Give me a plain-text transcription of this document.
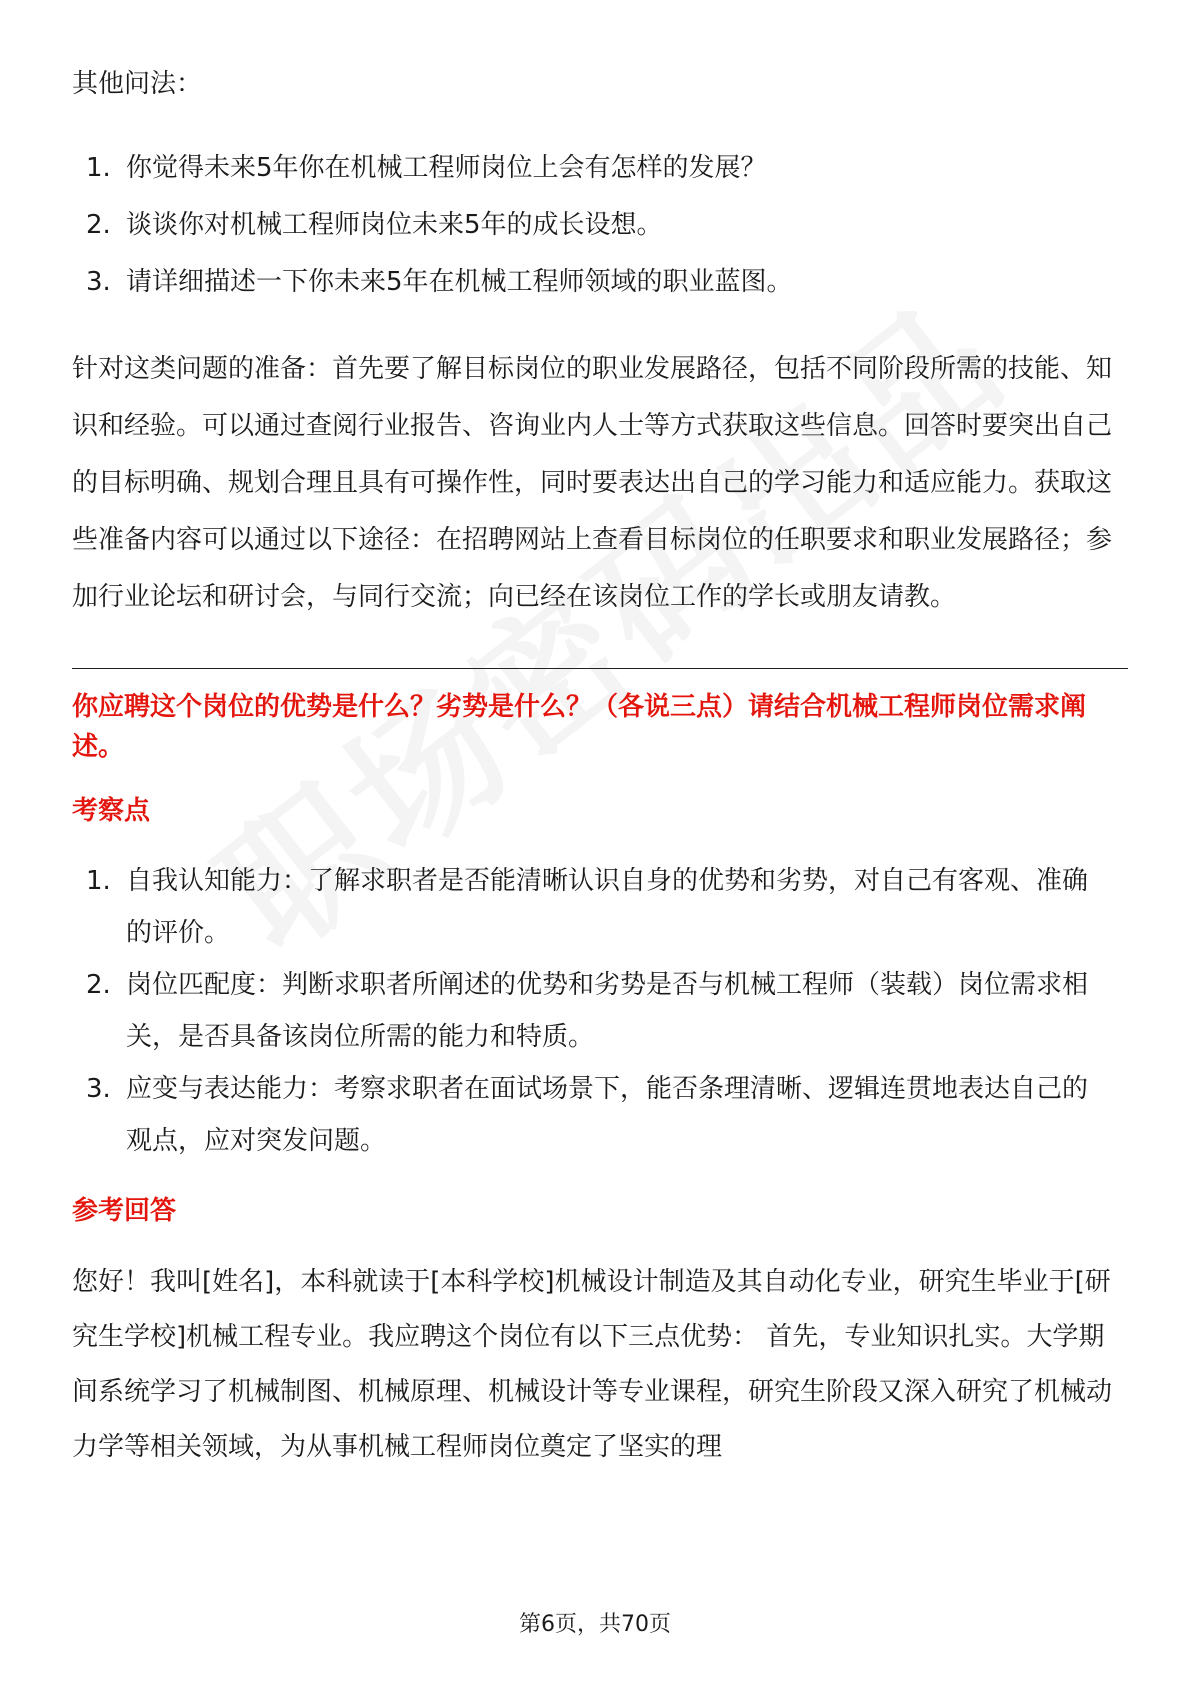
其他问法：

1. 你觉得未来5年你在机械工程师岗位上会有怎样的发展？
2. 谈谈你对机械工程师岗位未来5年的成长设想。
3. 请详细描述一下你未来5年在机械工程师领域的职业蓝图。

针对这类问题的准备：首先要了解目标岗位的职业发展路径，包括不同阶段所需的技能、知识和经验。可以通过查阅行业报告、咨询业内人士等方式获取这些信息。回答时要突出自己的目标明确、规划合理且具有可操作性，同时要表达出自己的学习能力和适应能力。获取这些准备内容可以通过以下途径：在招聘网站上查看目标岗位的任职要求和职业发展路径；参加行业论坛和研讨会，与同行交流；向已经在该岗位工作的学长或朋友请教。

你应聘这个岗位的优势是什么？劣势是什么？（各说三点）请结合机械工程师岗位需求阐述。

考察点

1. 自我认知能力：了解求职者是否能清晰认识自身的优势和劣势，对自己有客观、准确的评价。
2. 岗位匹配度：判断求职者所阐述的优势和劣势是否与机械工程师（装载）岗位需求相关，是否具备该岗位所需的能力和特质。
3. 应变与表达能力：考察求职者在面试场景下，能否条理清晰、逻辑连贯地表达自己的观点，应对突发问题。

参考回答

您好！我叫[姓名]，本科就读于[本科学校]机械设计制造及其自动化专业，研究生毕业于[研究生学校]机械工程专业。我应聘这个岗位有以下三点优势： 首先，专业知识扎实。大学期间系统学习了机械制图、机械原理、机械设计等专业课程，研究生阶段又深入研究了机械动力学等相关领域，为从事机械工程师岗位奠定了坚实的理

第6页，共70页
